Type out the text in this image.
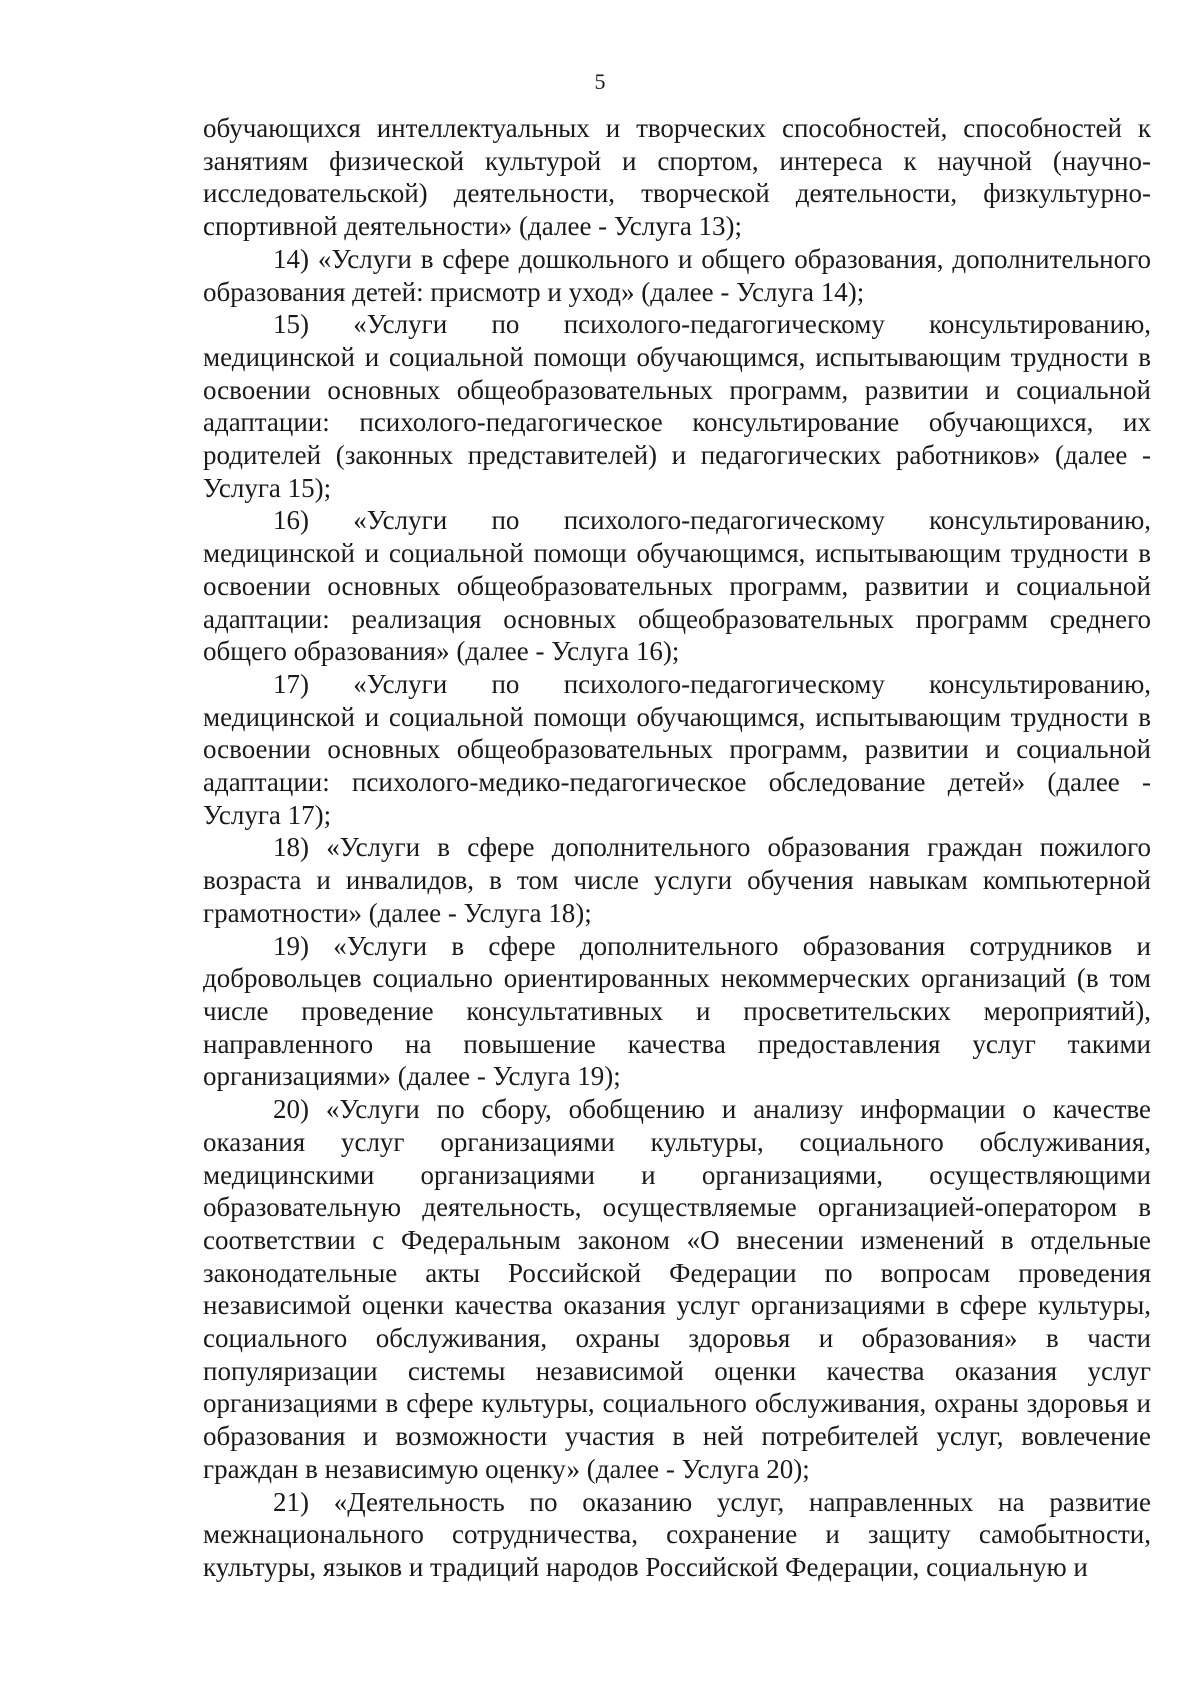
5

обучающихся интеллектуальных и творческих способностей, способностей к занятиям физической культурой и спортом, интереса к научной (научно-исследовательской) деятельности, творческой деятельности, физкультурно-спортивной деятельности» (далее - Услуга 13);

14) «Услуги в сфере дошкольного и общего образования, дополнительного образования детей: присмотр и уход» (далее - Услуга 14);

15) «Услуги по психолого-педагогическому консультированию, медицинской и социальной помощи обучающимся, испытывающим трудности в освоении основных общеобразовательных программ, развитии и социальной адаптации: психолого-педагогическое консультирование обучающихся, их родителей (законных представителей) и педагогических работников» (далее - Услуга 15);

16) «Услуги по психолого-педагогическому консультированию, медицинской и социальной помощи обучающимся, испытывающим трудности в освоении основных общеобразовательных программ, развитии и социальной адаптации: реализация основных общеобразовательных программ среднего общего образования» (далее - Услуга 16);

17) «Услуги по психолого-педагогическому консультированию, медицинской и социальной помощи обучающимся, испытывающим трудности в освоении основных общеобразовательных программ, развитии и социальной адаптации: психолого-медико-педагогическое обследование детей» (далее - Услуга 17);

18) «Услуги в сфере дополнительного образования граждан пожилого возраста и инвалидов, в том числе услуги обучения навыкам компьютерной грамотности» (далее - Услуга 18);

19) «Услуги в сфере дополнительного образования сотрудников и добровольцев социально ориентированных некоммерческих организаций (в том числе проведение консультативных и просветительских мероприятий), направленного на повышение качества предоставления услуг такими организациями» (далее - Услуга 19);

20) «Услуги по сбору, обобщению и анализу информации о качестве оказания услуг организациями культуры, социального обслуживания, медицинскими организациями и организациями, осуществляющими образовательную деятельность, осуществляемые организацией-оператором в соответствии с Федеральным законом «О внесении изменений в отдельные законодательные акты Российской Федерации по вопросам проведения независимой оценки качества оказания услуг организациями в сфере культуры, социального обслуживания, охраны здоровья и образования» в части популяризации системы независимой оценки качества оказания услуг организациями в сфере культуры, социального обслуживания, охраны здоровья и образования и возможности участия в ней потребителей услуг, вовлечение граждан в независимую оценку» (далее - Услуга 20);

21) «Деятельность по оказанию услуг, направленных на развитие межнационального сотрудничества, сохранение и защиту самобытности, культуры, языков и традиций народов Российской Федерации, социальную и
